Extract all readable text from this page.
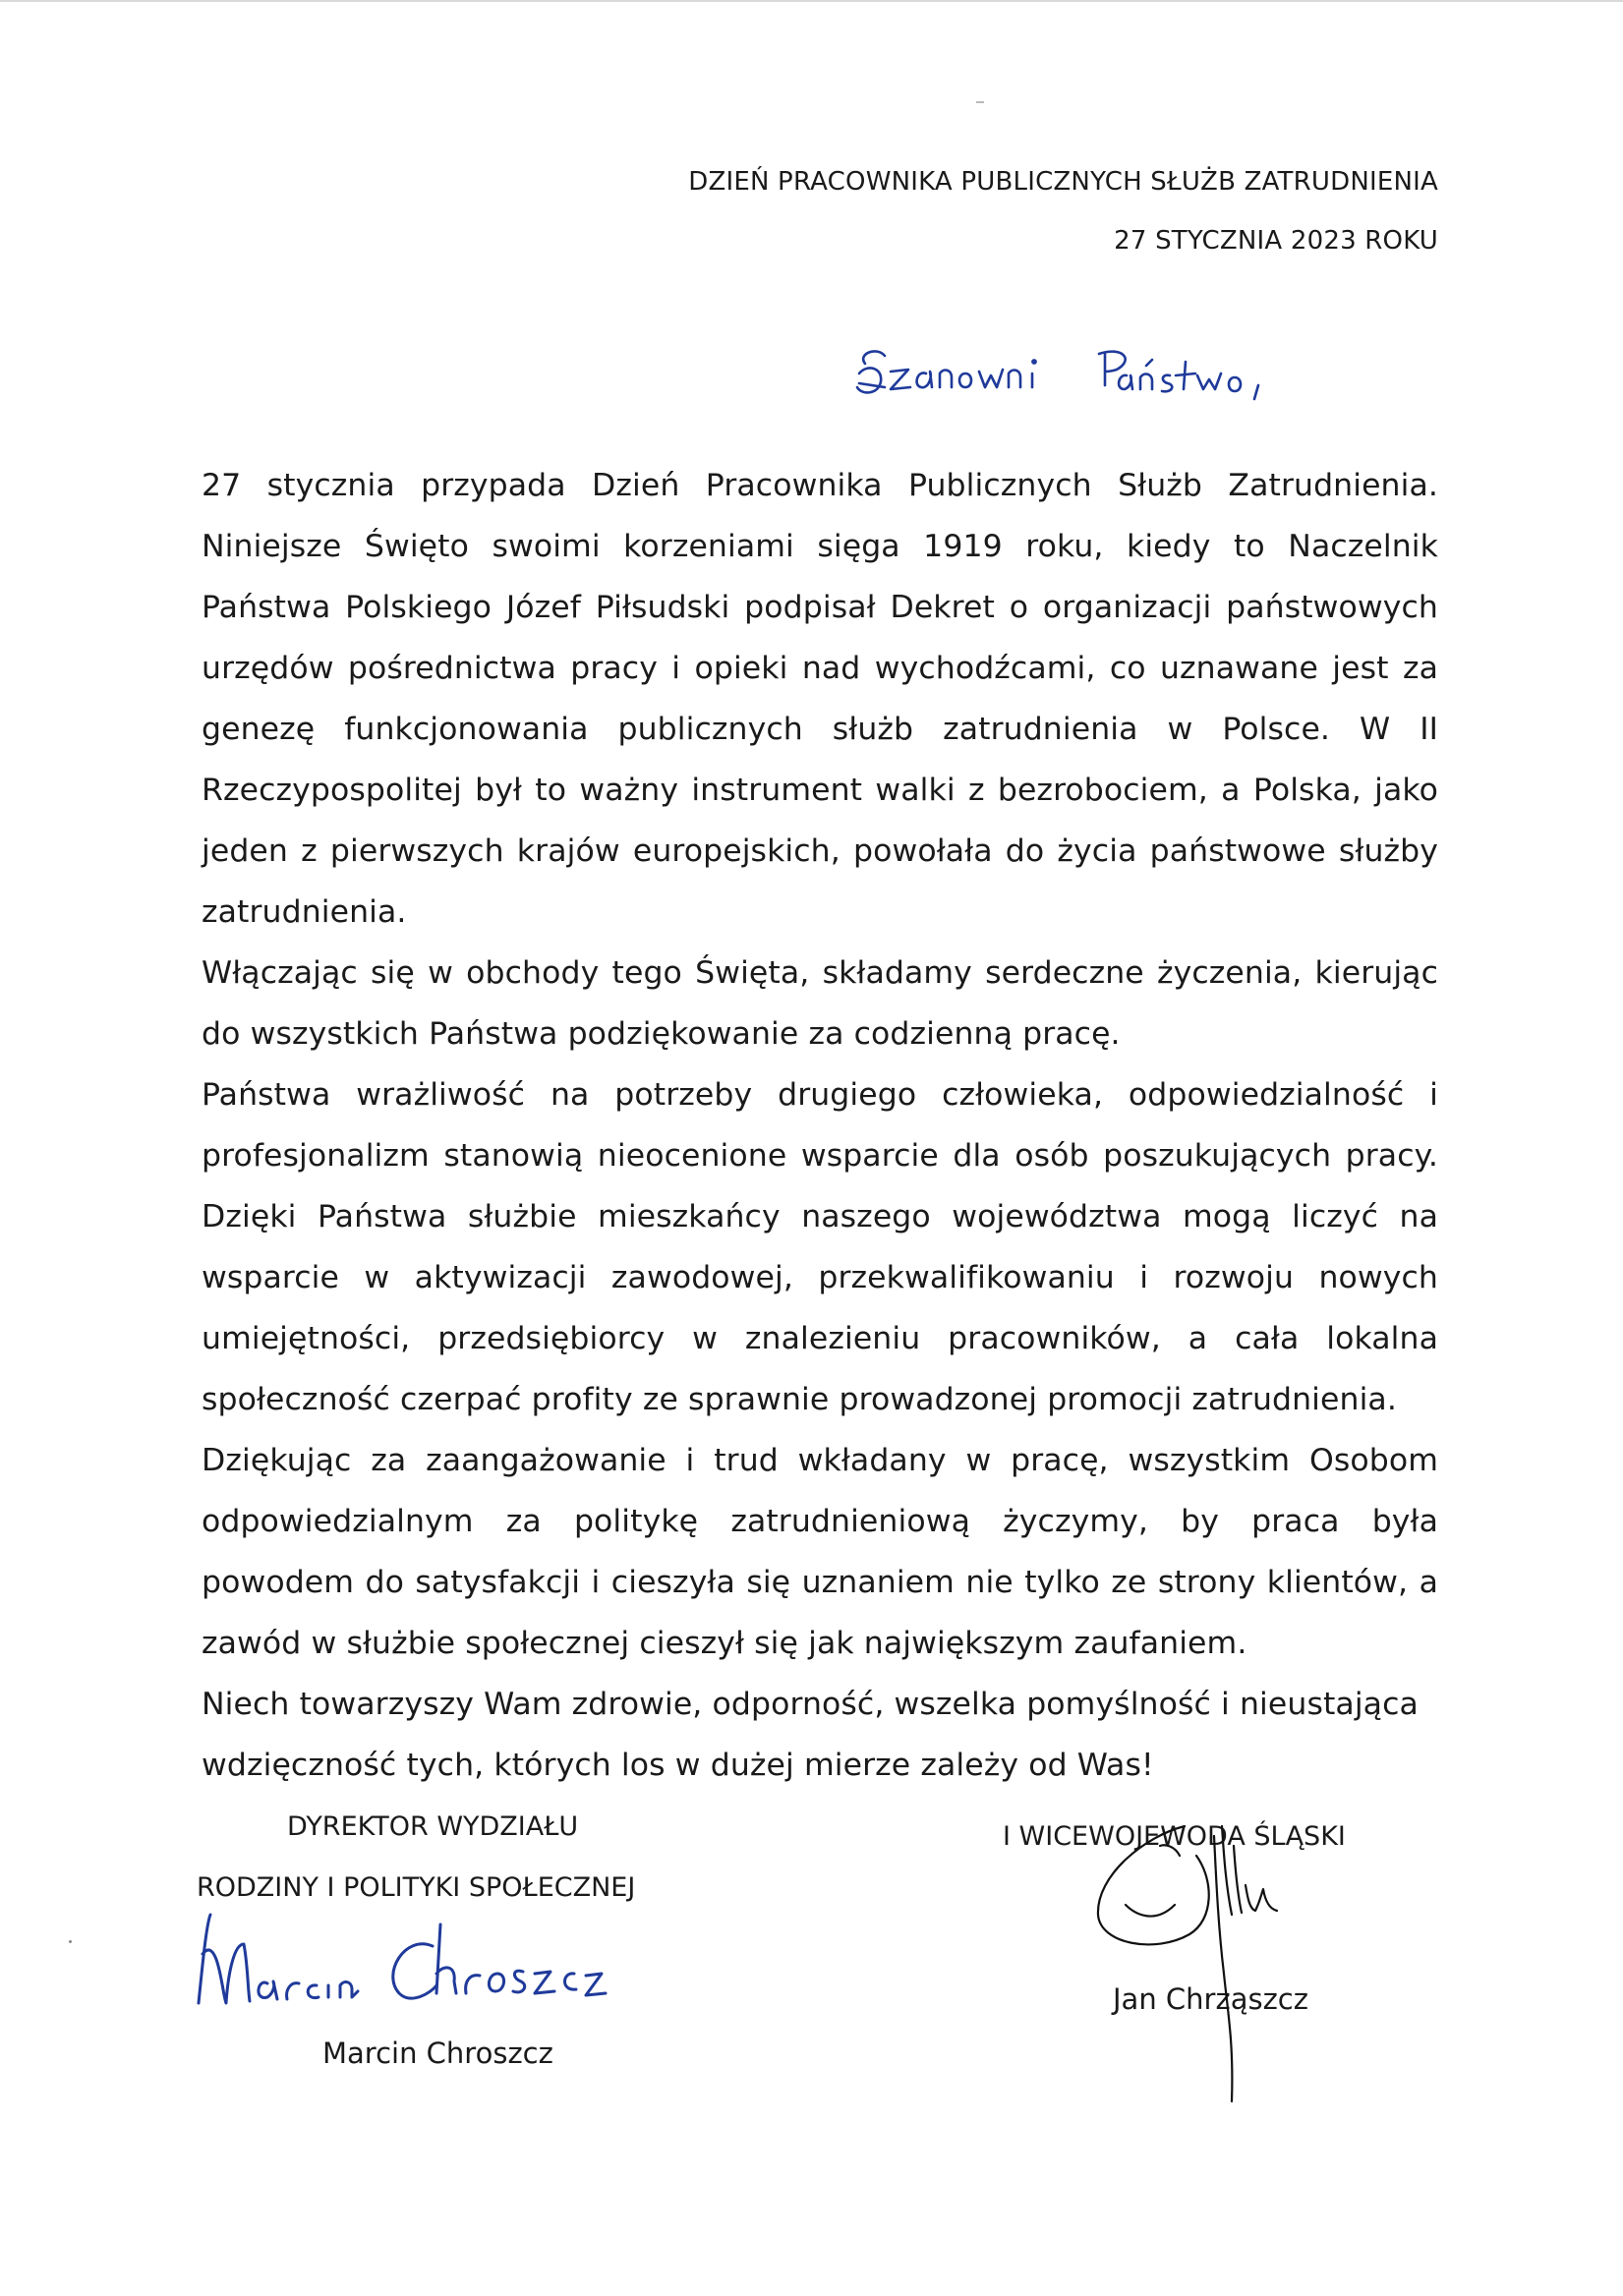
DZIEŃ PRACOWNIKA PUBLICZNYCH SŁUŻB ZATRUDNIENIA
27 STYCZNIA 2023 ROKU

27 stycznia przypada Dzień Pracownika Publicznych Służb Zatrudnienia. Niniejsze Święto swoimi korzeniami sięga 1919 roku, kiedy to Naczelnik Państwa Polskiego Józef Piłsudski podpisał Dekret o organizacji państwowych urzędów pośrednictwa pracy i opieki nad wychodźcami, co uznawane jest za genezę funkcjonowania publicznych służb zatrudnienia w Polsce. W II Rzeczypospolitej był to ważny instrument walki z bezrobociem, a Polska, jako jeden z pierwszych krajów europejskich, powołała do życia państwowe służby zatrudnienia.

Włączając się w obchody tego Święta, składamy serdeczne życzenia, kierując do wszystkich Państwa podziękowanie za codzienną pracę.

Państwa wrażliwość na potrzeby drugiego człowieka, odpowiedzialność i profesjonalizm stanowią nieocenione wsparcie dla osób poszukujących pracy. Dzięki Państwa służbie mieszkańcy naszego województwa mogą liczyć na wsparcie w aktywizacji zawodowej, przekwalifikowaniu i rozwoju nowych umiejętności, przedsiębiorcy w znalezieniu pracowników, a cała lokalna społeczność czerpać profity ze sprawnie prowadzonej promocji zatrudnienia.

Dziękując za zaangażowanie i trud wkładany w pracę, wszystkim Osobom odpowiedzialnym za politykę zatrudnieniową życzymy, by praca była powodem do satysfakcji i cieszyła się uznaniem nie tylko ze strony klientów, a zawód w służbie społecznej cieszył się jak największym zaufaniem.

Niech towarzyszy Wam zdrowie, odporność, wszelka pomyślność i nieustająca wdzięczność tych, których los w dużej mierze zależy od Was!

DYREKTOR WYDZIAŁU
RODZINY I POLITYKI SPOŁECZNEJ
Marcin Chroszcz
I WICEWOJEWODA ŚLĄSKI
Jan Chrząszcz
